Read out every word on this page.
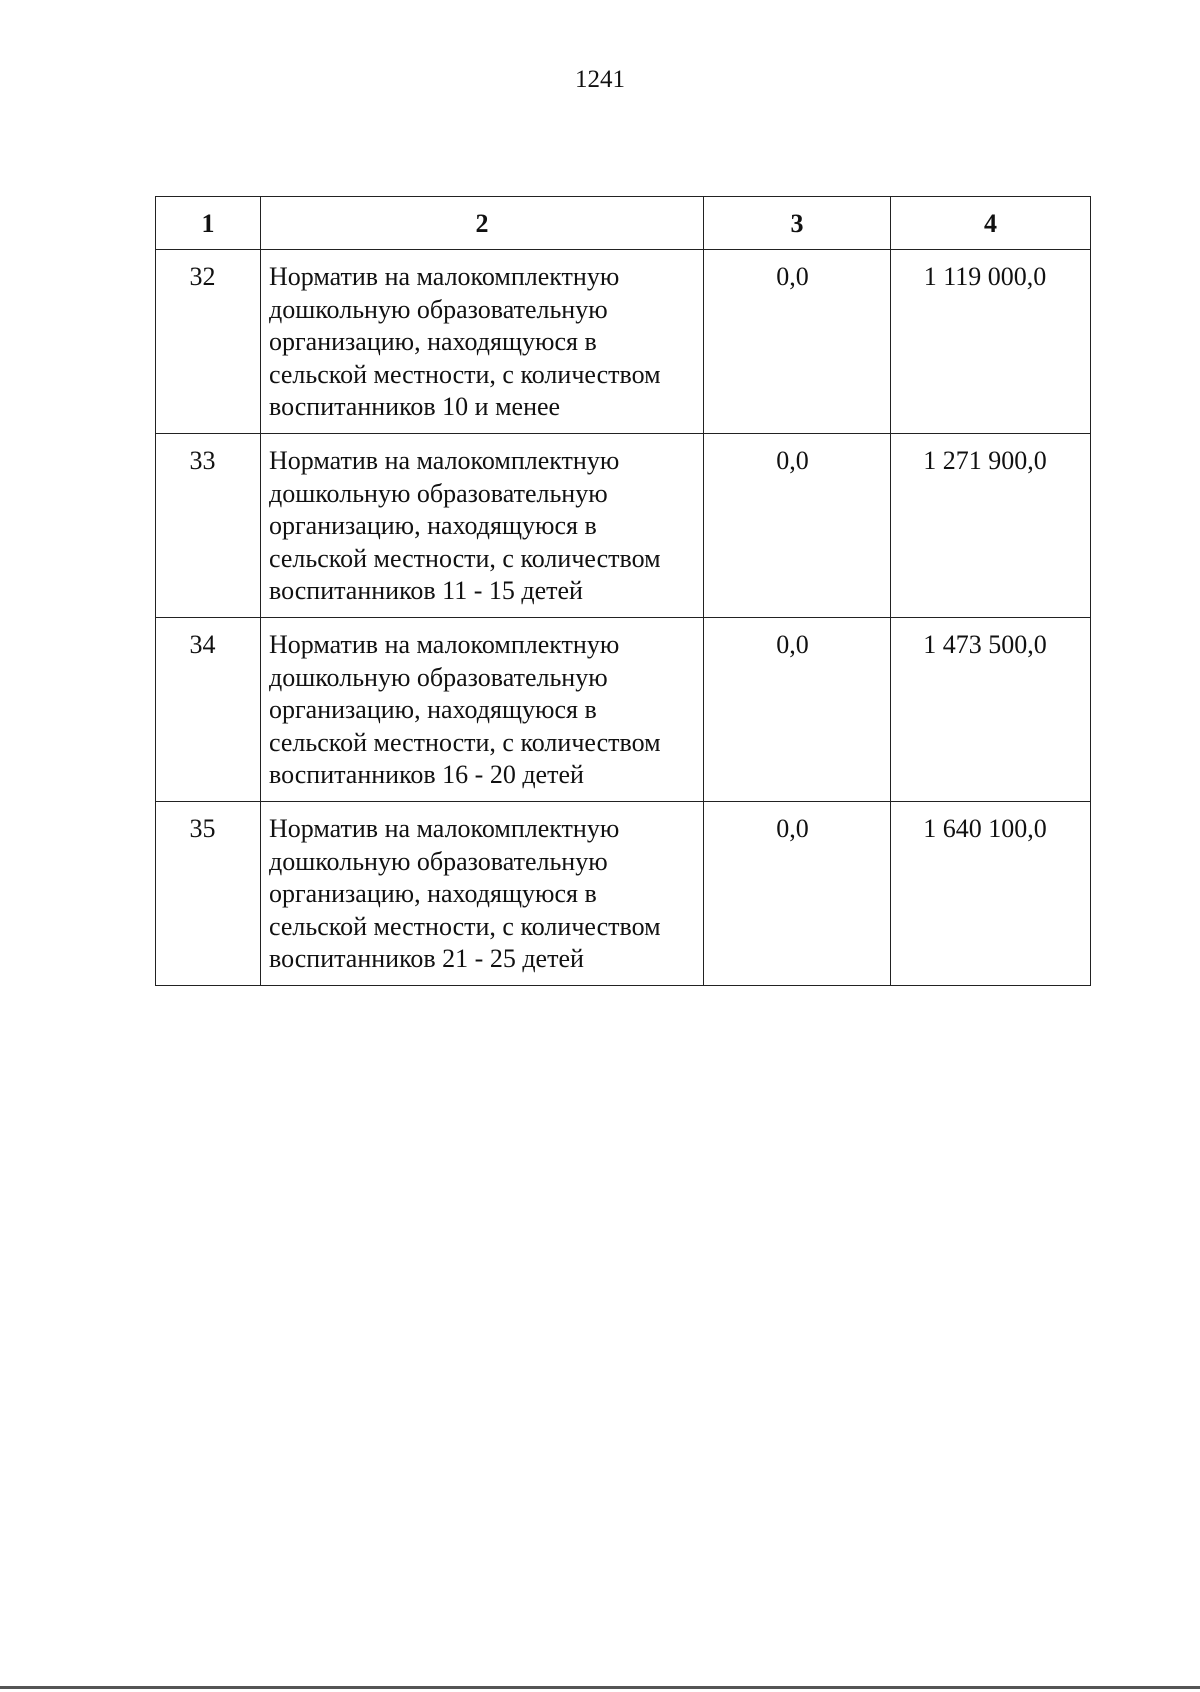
1241
1	2	3	4
32	Норматив на малокомплектную дошкольную образовательную организацию, находящуюся в сельской местности, с количеством воспитанников 10 и менее	0,0	1 119 000,0
33	Норматив на малокомплектную дошкольную образовательную организацию, находящуюся в сельской местности, с количеством воспитанников 11 - 15 детей	0,0	1 271 900,0
34	Норматив на малокомплектную дошкольную образовательную организацию, находящуюся в сельской местности, с количеством воспитанников 16 - 20 детей	0,0	1 473 500,0
35	Норматив на малокомплектную дошкольную образовательную организацию, находящуюся в сельской местности, с количеством воспитанников 21 - 25 детей	0,0	1 640 100,0
